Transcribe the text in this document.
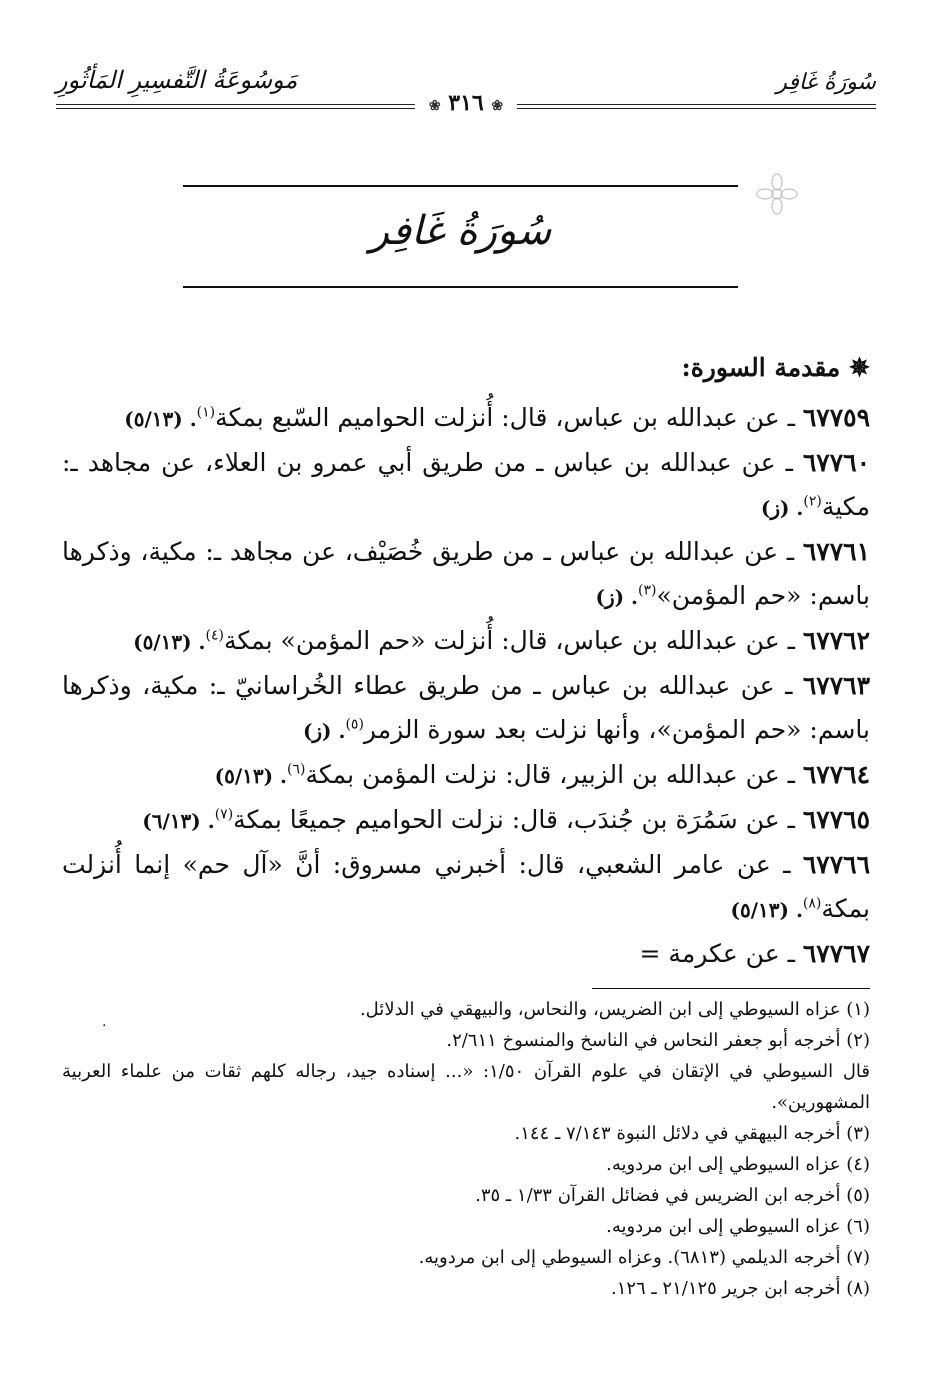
سُورَةُ غَافِر
مَوسُوعَةُ التَّفسِيرِ المَأثُورِ
❀ ٣١٦ ❀
سُورَةُ غَافِر
✵ مقدمة السورة:

٦٧٧٥٩ ـ عن عبدالله بن عباس، قال: أُنزلت الحواميم السّبع بمكة$^{(١)}$. (٥/١٣)

٦٧٧٦٠ ـ عن عبدالله بن عباس ـ من طريق أبي عمرو بن العلاء، عن مجاهد ـ: مكية$^{(٢)}$. (ز)

٦٧٧٦١ ـ عن عبدالله بن عباس ـ من طريق خُصَيْف، عن مجاهد ـ: مكية، وذكرها باسم: «حم المؤمن»$^{(٣)}$. (ز)

٦٧٧٦٢ ـ عن عبدالله بن عباس، قال: أُنزلت «حم المؤمن» بمكة$^{(٤)}$. (٥/١٣)

٦٧٧٦٣ ـ عن عبدالله بن عباس ـ من طريق عطاء الخُراسانيّ ـ: مكية، وذكرها باسم: «حم المؤمن»، وأنها نزلت بعد سورة الزمر$^{(٥)}$. (ز)

٦٧٧٦٤ ـ عن عبدالله بن الزبير، قال: نزلت المؤمن بمكة$^{(٦)}$. (٥/١٣)

٦٧٧٦٥ ـ عن سَمُرَة بن جُندَب، قال: نزلت الحواميم جميعًا بمكة$^{(٧)}$. (٦/١٣)

٦٧٧٦٦ ـ عن عامر الشعبي، قال: أخبرني مسروق: أنَّ «آل حم» إنما أُنزلت بمكة$^{(٨)}$. (٥/١٣)

٦٧٧٦٧ ـ عن عكرمة =

.

(١) عزاه السيوطي إلى ابن الضريس، والنحاس، والبيهقي في الدلائل.

(٢) أخرجه أبو جعفر النحاس في الناسخ والمنسوخ ٢/٦١١.

قال السيوطي في الإتقان في علوم القرآن ١/٥٠: «... إسناده جيد، رجاله كلهم ثقات من علماء العربية المشهورين».

(٣) أخرجه البيهقي في دلائل النبوة ٧/١٤٣ ـ ١٤٤.

(٤) عزاه السيوطي إلى ابن مردويه.

(٥) أخرجه ابن الضريس في فضائل القرآن ١/٣٣ ـ ٣٥.

(٦) عزاه السيوطي إلى ابن مردويه.

(٧) أخرجه الديلمي (٦٨١٣). وعزاه السيوطي إلى ابن مردويه.

(٨) أخرجه ابن جرير ٢١/١٢٥ ـ ١٢٦.
